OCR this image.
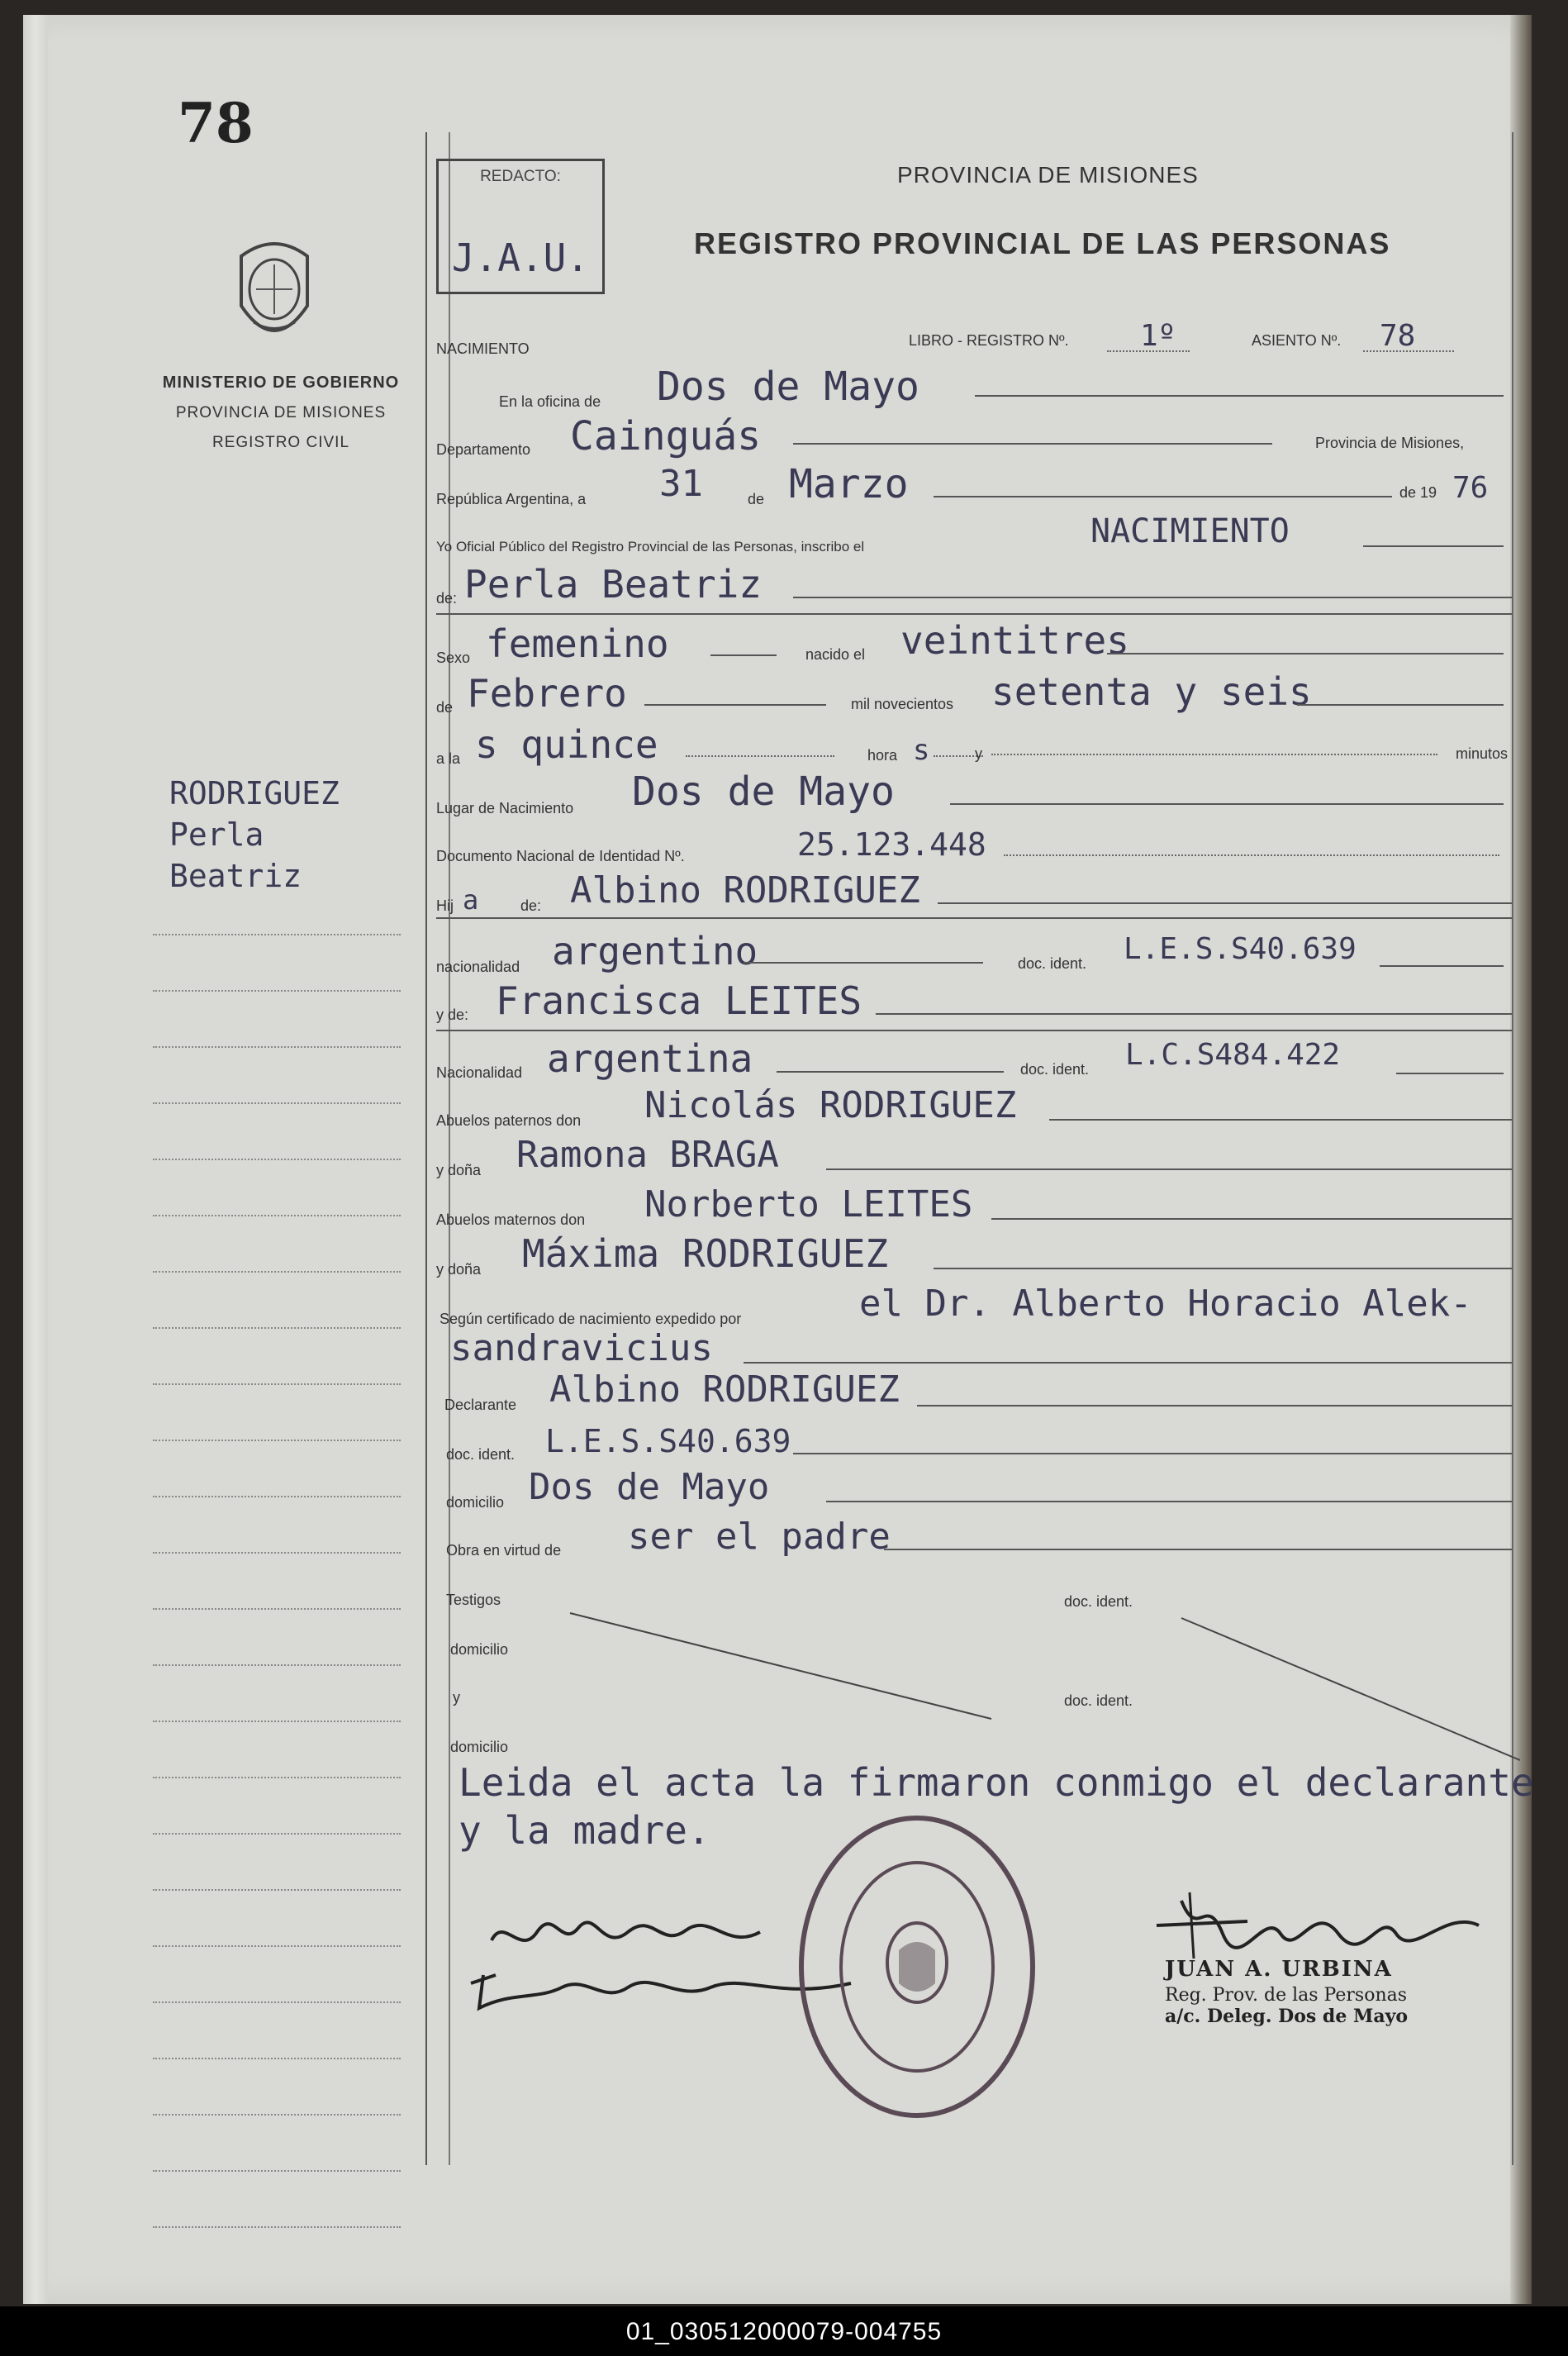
78
MINISTERIO DE GOBIERNO
PROVINCIA DE MISIONES
REGISTRO CIVIL
RODRIGUEZ
Perla
Beatriz
REDACTO:
J.A.U.
PROVINCIA DE MISIONES
REGISTRO PROVINCIAL DE LAS PERSONAS
NACIMIENTO	LIBRO - REGISTRO Nº. 1º	ASIENTO Nº. 78
En la oficina de Dos de Mayo
Departamento Cainguás	Provincia de Misiones,
República Argentina, a 31	de Marzo	de 19 76
Yo Oficial Público del Registro Provincial de las Personas, inscribo el	NACIMIENTO
de: Perla Beatriz
Sexo femenino	nacido el veintitres
de Febrero	mil novecientos setenta y seis
a la s quince	hora s	y	minutos
Lugar de Nacimiento Dos de Mayo
Documento Nacional de Identidad Nº.	25.123.448
Hij a	de: Albino RODRIGUEZ
nacionalidad argentino	doc. ident. L.E.S.S40.639
y de: Francisca LEITES
Nacionalidad argentina	doc. ident. L.C.S484.422
Abuelos paternos don Nicolás RODRIGUEZ
y doña Ramona BRAGA
Abuelos maternos don Norberto LEITES
y doña Máxima RODRIGUEZ
Según certificado de nacimiento expedido por	el Dr. Alberto Horacio Alek-
sandravicius
Declarante Albino RODRIGUEZ
doc. ident. L.E.S.S40.639
domicilio Dos de Mayo
Obra en virtud de ser el padre
Testigos	doc. ident.
domicilio
y	doc. ident.
domicilio
Leida el acta la firmaron conmigo el declarante
y la madre.
JUAN A. URBINA
Reg. Prov. de las Personas
a/c. Deleg. Dos de Mayo
01_030512000079-004755
